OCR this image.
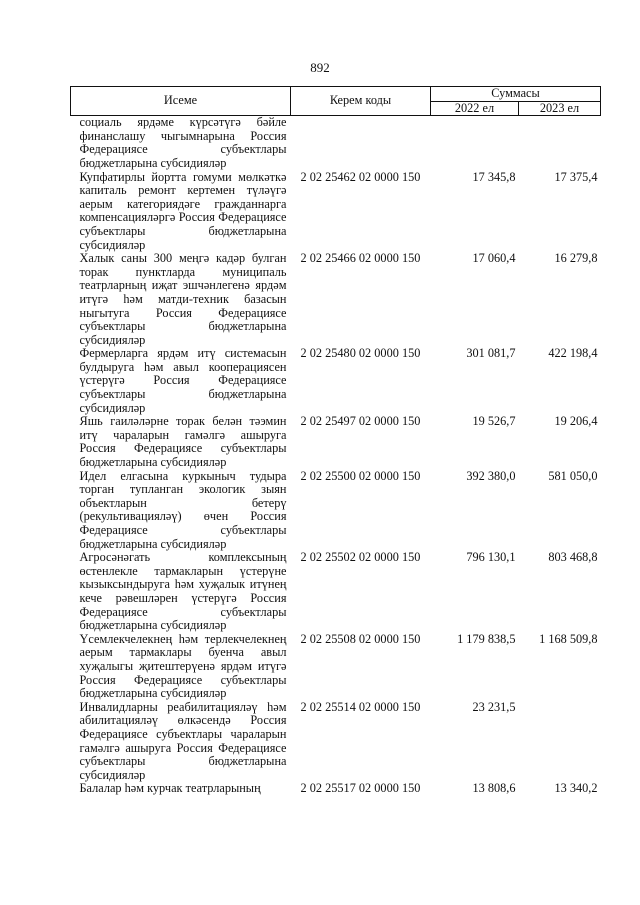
892
Исеме	Керем коды	Суммасы	
		2022 ел	2023 ел
социаль ярдәме күрсәтүгә бәйле финанслашу чыгымнарына Россия Федерациясе субъектлары бюджетларына субсидияләр			
Купфатирлы йортта гомуми мөлкәткә капиталь ремонт кертемен түләүгә аерым категориядәге гражданнарга компенсацияләргә Россия Федерациясе субъектлары бюджетларына субсидияләр	2 02 25462 02 0000 150	17 345,8	17 375,4
Халык саны 300 меңгә кадәр булган торак пунктларда муниципаль театрларның иҗат эшчәнлегенә ярдәм итүгә һәм матди-техник базасын ныгытуга Россия Федерациясе субъектлары бюджетларына субсидияләр	2 02 25466 02 0000 150	17 060,4	16 279,8
Фермерларга ярдәм итү системасын булдыруга һәм авыл кооперациясен үстерүгә Россия Федерациясе субъектлары бюджетларына субсидияләр	2 02 25480 02 0000 150	301 081,7	422 198,4
Яшь гаиләләрне торак белән тәэмин итү чараларын гамәлгә ашыруга Россия Федерациясе субъектлары бюджетларына субсидияләр	2 02 25497 02 0000 150	19 526,7	19 206,4
Идел елгасына куркыныч тудыра торган тупланган экологик зыян объектларын бетерү (рекультивацияләү) өчен Россия Федерациясе субъектлары бюджетларына субсидияләр	2 02 25500 02 0000 150	392 380,0	581 050,0
Агросәнәгать комплексының өстенлекле тармакларын үстерүне кызыксындыруга һәм хуҗалык итүнең кече рәвешләрен үстерүгә Россия Федерациясе субъектлары бюджетларына субсидияләр	2 02 25502 02 0000 150	796 130,1	803 468,8
Үсемлекчелекнең һәм терлекчелекнең аерым тармаклары буенча авыл хуҗалыгы җитештерүенә ярдәм итүгә Россия Федерациясе субъектлары бюджетларына субсидияләр	2 02 25508 02 0000 150	1 179 838,5	1 168 509,8
Инвалидларны реабилитацияләү һәм абилитацияләү өлкәсендә Россия Федерациясе субъектлары чараларын гамәлгә ашыруга Россия Федерациясе субъектлары бюджетларына субсидияләр	2 02 25514 02 0000 150	23 231,5	
Балалар һәм курчак театрларының	2 02 25517 02 0000 150	13 808,6	13 340,2
